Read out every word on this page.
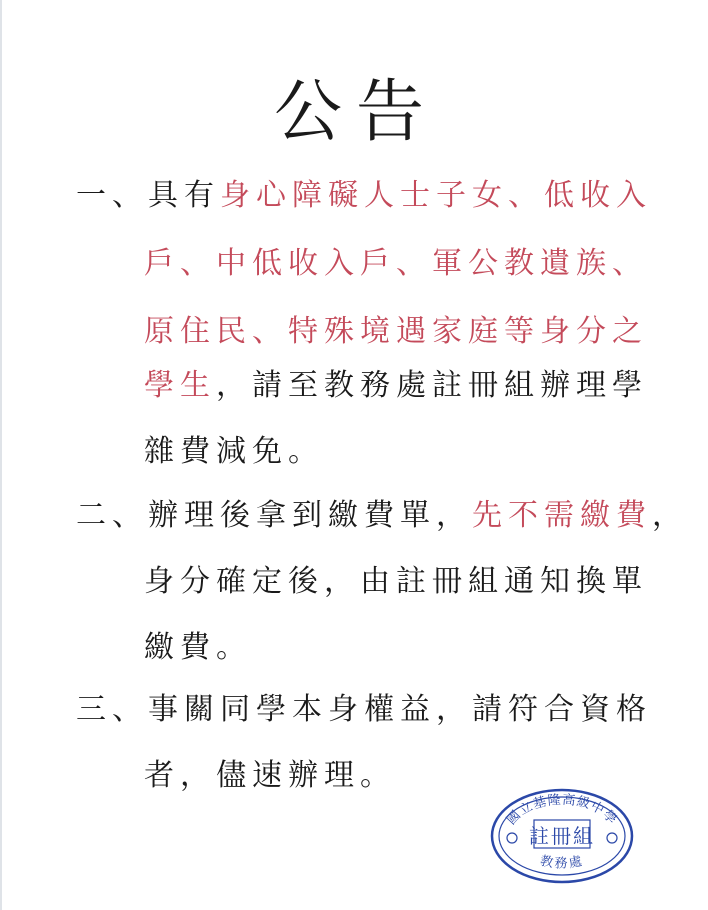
公告
一、具有身心障礙人士子女、低收入
戶、中低收入戶、軍公教遺族、
原住民、特殊境遇家庭等身分之
學生，請至教務處註冊組辦理學
雜費減免。
二、辦理後拿到繳費單，先不需繳費，
身分確定後，由註冊組通知換單
繳費。
三、事關同學本身權益，請符合資格
者，儘速辦理。
國立基隆高級中學
教務處
註冊組
